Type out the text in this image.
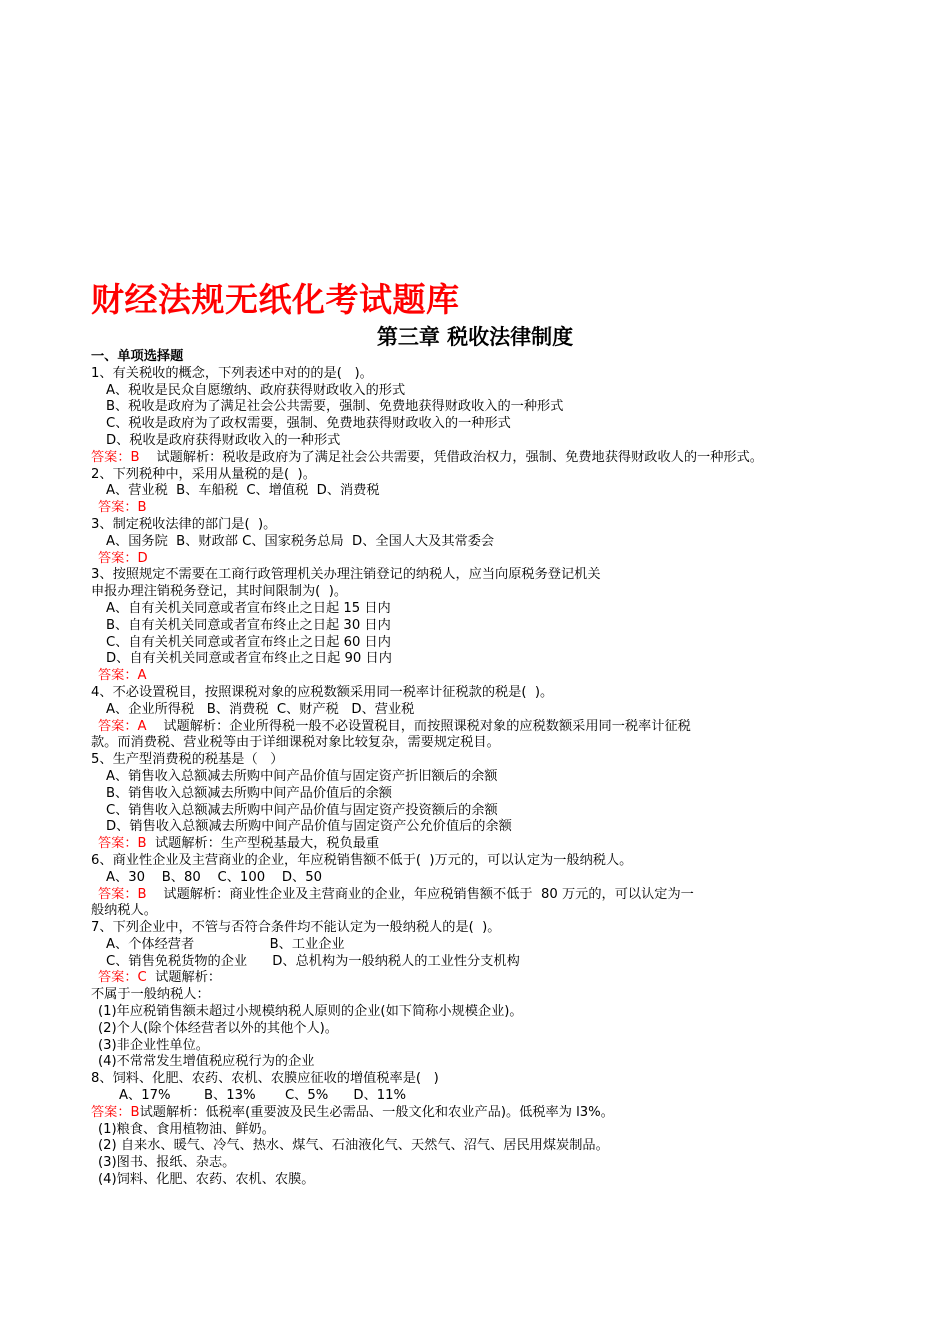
财经法规无纸化考试题库
第三章 税收法律制度
一、单项选择题
1、有关税收的概念，下列表述中对的的是(   )。
A、税收是民众自愿缴纳、政府获得财政收入的形式
B、税收是政府为了满足社会公共需要，强制、免费地获得财政收入的一种形式
C、税收是政府为了政权需要，强制、免费地获得财政收入的一种形式
D、税收是政府获得财政收入的一种形式
答案：B    试题解析：税收是政府为了满足社会公共需要，凭借政治权力，强制、免费地获得财政收人的一种形式。
2、下列税种中，采用从量税的是(  )。
A、营业税  B、车船税  C、增值税  D、消费税
答案：B
3、制定税收法律的部门是(  )。
A、国务院  B、财政部 C、国家税务总局  D、全国人大及其常委会
答案：D
3、按照规定不需要在工商行政管理机关办理注销登记的纳税人，应当向原税务登记机关
申报办理注销税务登记，其时间限制为(  )。
A、自有关机关同意或者宣布终止之日起 15 日内
B、自有关机关同意或者宣布终止之日起 30 日内
C、自有关机关同意或者宣布终止之日起 60 日内
D、自有关机关同意或者宣布终止之日起 90 日内
答案：A
4、不必设置税目，按照课税对象的应税数额采用同一税率计征税款的税是(  )。
A、企业所得税   B、消费税  C、财产税   D、营业税
答案：A    试题解析：企业所得税一般不必设置税目，而按照课税对象的应税数额采用同一税率计征税
款。而消费税、营业税等由于详细课税对象比较复杂，需要规定税目。
5、生产型消费税的税基是（   ）
A、销售收入总额减去所购中间产品价值与固定资产折旧额后的余额
B、销售收入总额减去所购中间产品价值后的余额
C、销售收入总额减去所购中间产品价值与固定资产投资额后的余额
D、销售收入总额减去所购中间产品价值与固定资产公允价值后的余额
答案：B  试题解析：生产型税基最大，税负最重
6、商业性企业及主营商业的企业，年应税销售额不低于(  )万元的，可以认定为一般纳税人。
A、30    B、80    C、100    D、50
答案：B    试题解析：商业性企业及主营商业的企业，年应税销售额不低于  80 万元的，可以认定为一
般纳税人。
7、下列企业中，不管与否符合条件均不能认定为一般纳税人的是(  )。
A、个体经营者                  B、工业企业
C、销售免税货物的企业      D、总机构为一般纳税人的工业性分支机构
答案：C  试题解析：
不属于一般纳税人：
(1)年应税销售额未超过小规模纳税人原则的企业(如下简称小规模企业)。
(2)个人(除个体经营者以外的其他个人)。
(3)非企业性单位。
(4)不常常发生增值税应税行为的企业
8、饲料、化肥、农药、农机、农膜应征收的增值税率是(   )
A、17%        B、13%       C、5%      D、11%
答案：B试题解析：低税率(重要波及民生必需品、一般文化和农业产品)。低税率为 l3%。
(1)粮食、食用植物油、鲜奶。
(2) 自来水、暖气、冷气、热水、煤气、石油液化气、天然气、沼气、居民用煤炭制品。
(3)图书、报纸、杂志。
(4)饲料、化肥、农药、农机、农膜。
